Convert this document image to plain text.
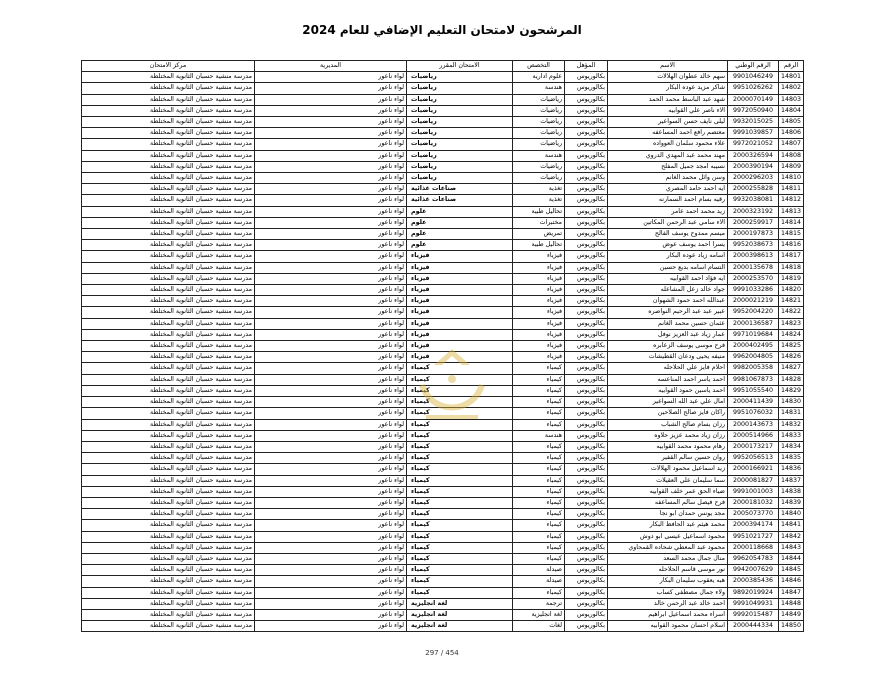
المرشحون لامتحان التعليم الإضافي للعام 2024
الرقم	الرقم الوطني	الاسم	المؤهل	التخصص	الامتحان المقرر	المديرية	مركز الامتحان
14801	9901046249	سهم خالد عطوان الهلالات	بكالوريوس	علوم ادارية	رياضيات	لواء ناعور	مدرسة منشية حسبان الثانوية المختلطة
14802	9951026262	شاكر مزيد عوده البكار	بكالوريوس	هندسة	رياضيات	لواء ناعور	مدرسة منشية حسبان الثانوية المختلطة
14803	2000070149	شهد عبد الباسط محمد الحمد	بكالوريوس	رياضيات	رياضيات	لواء ناعور	مدرسة منشية حسبان الثانوية المختلطة
14804	9972050940	الاء ناصر علي القوابيه	بكالوريوس	رياضيات	رياضيات	لواء ناعور	مدرسة منشية حسبان الثانوية المختلطة
14805	9932015025	ليلى نايف حسن السواعير	بكالوريوس	رياضيات	رياضيات	لواء ناعور	مدرسة منشية حسبان الثانوية المختلطة
14806	9991039857	معتصم رافع احمد المساعفه	بكالوريوس	رياضيات	رياضيات	لواء ناعور	مدرسة منشية حسبان الثانوية المختلطة
14807	9972021052	علاء محمود سلمان العوواده	بكالوريوس	رياضيات	رياضيات	لواء ناعور	مدرسة منشية حسبان الثانوية المختلطة
14808	2000326594	مهند محمد عبد المهدي الدروي	بكالوريوس	هندسة	رياضيات	لواء ناعور	مدرسة منشية حسبان الثانوية المختلطة
14809	2000390194	نسيبه امجد جميل المفلح	بكالوريوس	رياضيات	رياضيات	لواء ناعور	مدرسة منشية حسبان الثانوية المختلطة
14810	2000296203	وسن وائل محمد الغانم	بكالوريوس	رياضيات	رياضيات	لواء ناعور	مدرسة منشية حسبان الثانوية المختلطة
14811	2000255828	ايه احمد حامد المصري	بكالوريوس	تغذية	صناعات غذائية	لواء ناعور	مدرسة منشية حسبان الثانوية المختلطة
14812	9932038081	رقيه بسام احمد السمارنه	بكالوريوس	تغذية	صناعات غذائية	لواء ناعور	مدرسة منشية حسبان الثانوية المختلطة
14813	2000323192	زيد محمد احمد عامر	بكالوريوس	تحاليل طبية	علوم	لواء ناعور	مدرسة منشية حسبان الثانوية المختلطة
14814	2000259917	الاء سامي عبد الرحمن المكاتين	بكالوريوس	مختبرات	علوم	لواء ناعور	مدرسة منشية حسبان الثانوية المختلطة
14815	2000197873	ميسم ممدوح يوسف الفالح	بكالوريوس	تمريض	علوم	لواء ناعور	مدرسة منشية حسبان الثانوية المختلطة
14816	9952038673	يسرا احمد يوسف عوض	بكالوريوس	تحاليل طبية	علوم	لواء ناعور	مدرسة منشية حسبان الثانوية المختلطة
14817	2000398613	اسامه زياد عوده البكار	بكالوريوس	فيزياء	فيزياء	لواء ناعور	مدرسة منشية حسبان الثانوية المختلطة
14818	2000135678	التسام اسامه بديع حسين	بكالوريوس	فيزياء	فيزياء	لواء ناعور	مدرسة منشية حسبان الثانوية المختلطة
14819	2000253570	ايه فؤاد احمد القوابيه	بكالوريوس	فيزياء	فيزياء	لواء ناعور	مدرسة منشية حسبان الثانوية المختلطة
14820	9991033286	جواد خالد زعل المشاعله	بكالوريوس	فيزياء	فيزياء	لواء ناعور	مدرسة منشية حسبان الثانوية المختلطة
14821	2000021219	عبدالله احمد حمود الشهوان	بكالوريوس	فيزياء	فيزياء	لواء ناعور	مدرسة منشية حسبان الثانوية المختلطة
14822	9952004220	عبير عبد عبد الرحيم النواصره	بكالوريوس	فيزياء	فيزياء	لواء ناعور	مدرسة منشية حسبان الثانوية المختلطة
14823	2000136587	عثمان حسين محمد الغانم	بكالوريوس	فيزياء	فيزياء	لواء ناعور	مدرسة منشية حسبان الثانوية المختلطة
14824	9971019684	عمار زياد عبد العزيز نوفل	بكالوريوس	فيزياء	فيزياء	لواء ناعور	مدرسة منشية حسبان الثانوية المختلطة
14825	2000402495	فرح موسى يوسف الزعابره	بكالوريوس	فيزياء	فيزياء	لواء ناعور	مدرسة منشية حسبان الثانوية المختلطة
14826	9962004805	منيفه يحيى ودعان القطيشات	بكالوريوس	فيزياء	فيزياء	لواء ناعور	مدرسة منشية حسبان الثانوية المختلطة
14827	9982005358	احلام فايز علي الحلاحله	بكالوريوس	كيمياء	كيمياء	لواء ناعور	مدرسة منشية حسبان الثانوية المختلطة
14828	9981067873	احمد ياسر احمد المناعسه	بكالوريوس	كيمياء	كيمياء	لواء ناعور	مدرسة منشية حسبان الثانوية المختلطة
14829	9951055540	احمد ياسين حمود القوابيه	بكالوريوس	كيمياء	كيمياء	لواء ناعور	مدرسة منشية حسبان الثانوية المختلطة
14830	2000411439	امال علي عبد الله السواعير	بكالوريوس	كيمياء	كيمياء	لواء ناعور	مدرسة منشية حسبان الثانوية المختلطة
14831	9951076032	راكان فايز صالح الصلاحين	بكالوريوس	كيمياء	كيمياء	لواء ناعور	مدرسة منشية حسبان الثانوية المختلطة
14832	2000143673	رزان بسام صالح الشباب	بكالوريوس	كيمياء	كيمياء	لواء ناعور	مدرسة منشية حسبان الثانوية المختلطة
14833	2000514966	رزان زياد محمد عزيز حلاوه	بكالوريوس	هندسة	كيمياء	لواء ناعور	مدرسة منشية حسبان الثانوية المختلطة
14834	2000173217	رهام محمود محمد القوابيه	بكالوريوس	كيمياء	كيمياء	لواء ناعور	مدرسة منشية حسبان الثانوية المختلطة
14835	9952056513	روان حسين سالم القفير	بكالوريوس	كيمياء	كيمياء	لواء ناعور	مدرسة منشية حسبان الثانوية المختلطة
14836	2000166921	زيد اسماعيل محمود الهلالات	بكالوريوس	كيمياء	كيمياء	لواء ناعور	مدرسة منشية حسبان الثانوية المختلطة
14837	2000081827	سما سليمان علي العقيلات	بكالوريوس	كيمياء	كيمياء	لواء ناعور	مدرسة منشية حسبان الثانوية المختلطة
14838	9991001003	ضياء الحق عمر خلف القوابيه	بكالوريوس	كيمياء	كيمياء	لواء ناعور	مدرسة منشية حسبان الثانوية المختلطة
14839	2000181032	فرح فيصل سالم المساعفه	بكالوريوس	كيمياء	كيمياء	لواء ناعور	مدرسة منشية حسبان الثانوية المختلطة
14840	2005073770	مجد يونس حمدان ابو نجا	بكالوريوس	كيمياء	كيمياء	لواء ناعور	مدرسة منشية حسبان الثانوية المختلطة
14841	2000394174	محمد هيثم عبد الحافظ البكار	بكالوريوس	كيمياء	كيمياء	لواء ناعور	مدرسة منشية حسبان الثانوية المختلطة
14842	9951021727	محمود اسماعيل عيسى ابو دوش	بكالوريوس	كيمياء	كيمياء	لواء ناعور	مدرسة منشية حسبان الثانوية المختلطة
14843	2000118668	محمود عبد المعطي شحاده القمحاوي	بكالوريوس	كيمياء	كيمياء	لواء ناعور	مدرسة منشية حسبان الثانوية المختلطة
14844	9962054783	منال جمال محمد السعد	بكالوريوس	كيمياء	كيمياء	لواء ناعور	مدرسة منشية حسبان الثانوية المختلطة
14845	9942007629	نور موسى قاسم الحلاحله	بكالوريوس	صيدلة	كيمياء	لواء ناعور	مدرسة منشية حسبان الثانوية المختلطة
14846	2000385436	هبه يعقوب سليمان البكار	بكالوريوس	صيدلة	كيمياء	لواء ناعور	مدرسة منشية حسبان الثانوية المختلطة
14847	9892019924	ولاء جمال مصطفى كساب	بكالوريوس	كيمياء	كيمياء	لواء ناعور	مدرسة منشية حسبان الثانوية المختلطة
14848	9991049931	احمد خالد عبد الرحمن خالد	بكالوريوس	ترجمة	لغة انجليزية	لواء ناعور	مدرسة منشية حسبان الثانوية المختلطة
14849	9992015487	اسراء محمد اسماعيل ابراهيم	بكالوريوس	لغة انجليزية	لغة انجليزية	لواء ناعور	مدرسة منشية حسبان الثانوية المختلطة
14850	2000444334	اسلام احسان محمود القوابيه	بكالوريوس	لغات	لغة انجليزية	لواء ناعور	مدرسة منشية حسبان الثانوية المختلطة
297 / 454
